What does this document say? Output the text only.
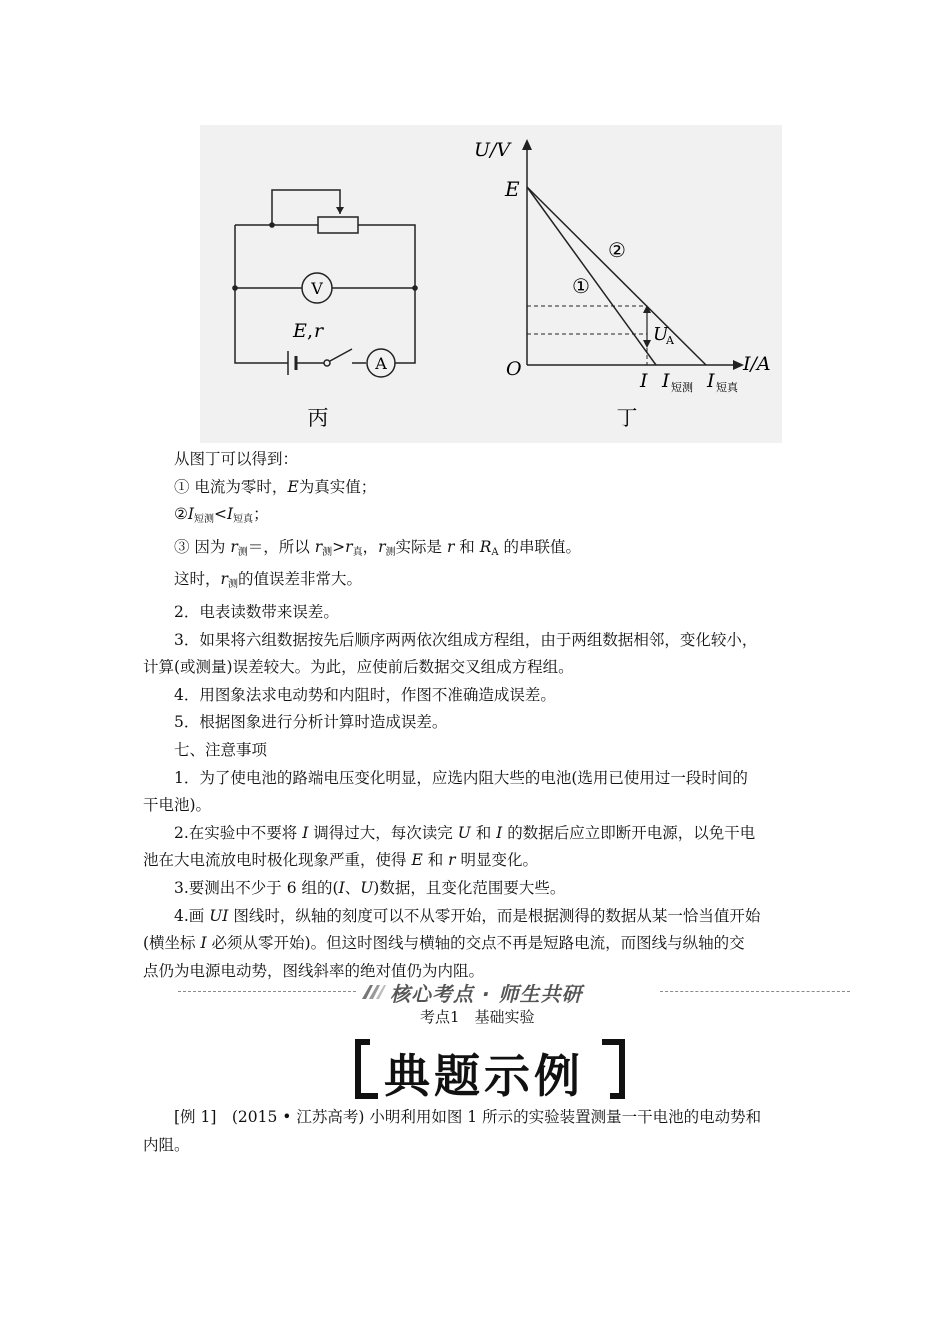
V
A
E , r
丙
U/V
I/A
E
O
②
①
U
A
I I 短测 I 短真
丁

从图丁可以得到：

① 电流为零时，E为真实值；

$②I_{短测}<I_{短真}$；

③ 因为 $r_测=$，所以 $r_测>r_真$，$r_测$实际是 r 和 $R_A$ 的串联值。

这时，$r_测$的值误差非常大。

2．电表读数带来误差。

3．如果将六组数据按先后顺序两两依次组成方程组，由于两组数据相邻，变化较小，

计算(或测量)误差较大。为此，应使前后数据交叉组成方程组。

4．用图象法求电动势和内阻时，作图不准确造成误差。

5．根据图象进行分析计算时造成误差。

七、注意事项

1．为了使电池的路端电压变化明显，应选内阻大些的电池(选用已使用过一段时间的

干电池)。

2.在实验中不要将 I 调得过大，每次读完 U 和 I 的数据后应立即断开电源，以免干电

池在大电流放电时极化现象严重，使得 E 和 r 明显变化。

3.要测出不少于 6 组的(I、U)数据，且变化范围要大些。

4.画 UI 图线时，纵轴的刻度可以不从零开始，而是根据测得的数据从某一恰当值开始

(横坐标 I 必须从零开始)。但这时图线与横轴的交点不再是短路电流，而图线与纵轴的交

点仍为电源电动势，图线斜率的绝对值仍为内阻。

核心考点 · 师生共研
考点1　基础实验
典题示例

[例 1]　(2015 • 江苏高考) 小明利用如图 1 所示的实验装置测量一干电池的电动势和

内阻。
